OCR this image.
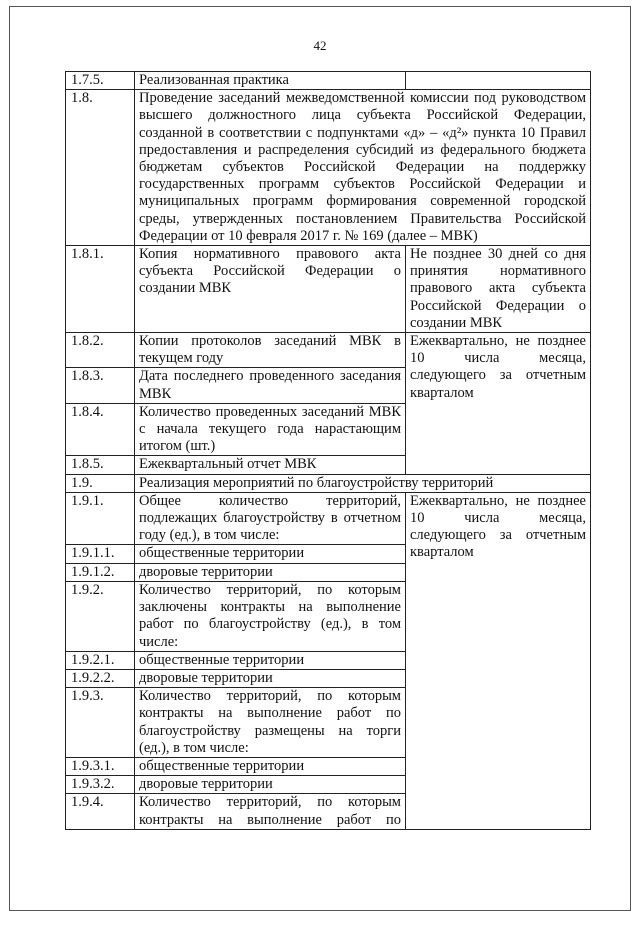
42
1.7.5.	Реализованная практика	
1.8.	Проведение заседаний межведомственной комиссии под руководством высшего должностного лица субъекта Российской Федерации, созданной в соответствии с подпунктами «д» – «д²» пункта 10 Правил предоставления и распределения субсидий из федерального бюджета бюджетам субъектов Российской Федерации на поддержку государственных программ субъектов Российской Федерации и муниципальных программ формирования современной городской среды, утвержденных постановлением Правительства Российской Федерации от 10 февраля 2017 г. № 169 (далее – МВК)	
1.8.1.	Копия нормативного правового акта субъекта Российской Федерации о создании МВК	Не позднее 30 дней со дня принятия нормативного правового акта субъекта Российской Федерации о создании МВК
1.8.2.	Копии протоколов заседаний МВК в текущем году	Ежеквартально, не позднее 10 числа месяца, следующего за отчетным кварталом
1.8.3.	Дата последнего проведенного заседания МВК	
1.8.4.	Количество проведенных заседаний МВК с начала текущего года нарастающим итогом (шт.)	
1.8.5.	Ежеквартальный отчет МВК	
1.9.	Реализация мероприятий по благоустройству территорий	
1.9.1.	Общее количество территорий, подлежащих благоустройству в отчетном году (ед.), в том числе:	Ежеквартально, не позднее 10 числа месяца, следующего за отчетным кварталом
1.9.1.1.	общественные территории	
1.9.1.2.	дворовые территории	
1.9.2.	Количество территорий, по которым заключены контракты на выполнение работ по благоустройству (ед.), в том числе:	
1.9.2.1.	общественные территории	
1.9.2.2.	дворовые территории	
1.9.3.	Количество территорий, по которым контракты на выполнение работ по благоустройству размещены на торги (ед.), в том числе:	
1.9.3.1.	общественные территории	
1.9.3.2.	дворовые территории	
1.9.4.	Количество территорий, по которым контракты на выполнение работ по	
